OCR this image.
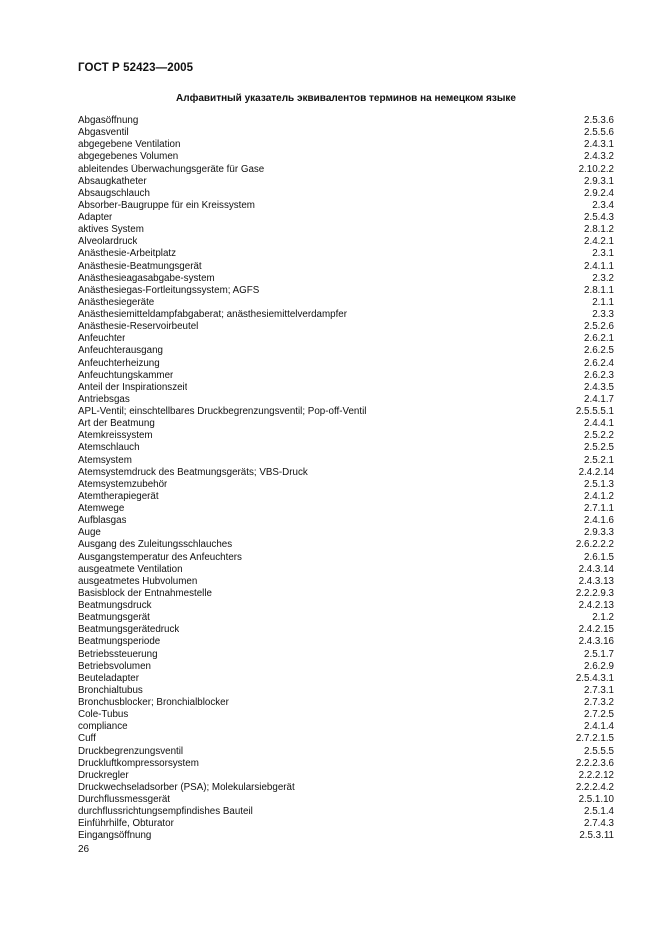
ГОСТ Р 52423—2005
Алфавитный указатель эквивалентов терминов на немецком языке
Abgasöffnung	2.5.3.6
Abgasventil	2.5.5.6
abgegebene Ventilation	2.4.3.1
abgegebenes Volumen	2.4.3.2
ableitendes Überwachungsgeräte für Gase	2.10.2.2
Absaugkatheter	2.9.3.1
Absaugschlauch	2.9.2.4
Absorber-Baugruppe für ein Kreissystem	2.3.4
Adapter	2.5.4.3
aktives System	2.8.1.2
Alveolardruck	2.4.2.1
Anästhesie-Arbeitplatz	2.3.1
Anästhesie-Beatmungsgerät	2.4.1.1
Anästhesieagasabgabe-system	2.3.2
Anästhesiegas-Fortleitungssystem; AGFS	2.8.1.1
Anästhesiegeräte	2.1.1
Anästhesiemitteldampfabgaberat; anästhesiemittelverdampfer	2.3.3
Anästhesie-Reservoirbeutel	2.5.2.6
Anfeuchter	2.6.2.1
Anfeuchterausgang	2.6.2.5
Anfeuchterheizung	2.6.2.4
Anfeuchtungskammer	2.6.2.3
Anteil der Inspirationszeit	2.4.3.5
Antriebsgas	2.4.1.7
APL-Ventil; einschtellbares Druckbegrenzungsventil; Pop-off-Ventil	2.5.5.5.1
Art der Beatmung	2.4.4.1
Atemkreissystem	2.5.2.2
Atemschlauch	2.5.2.5
Atemsystem	2.5.2.1
Atemsystemdruck des Beatmungsgeräts; VBS-Druck	2.4.2.14
Atemsystemzubehör	2.5.1.3
Atemtherapiegerät	2.4.1.2
Atemwege	2.7.1.1
Aufblasgas	2.4.1.6
Auge	2.9.3.3
Ausgang des Zuleitungsschlauches	2.6.2.2.2
Ausgangstemperatur des Anfeuchters	2.6.1.5
ausgeatmete Ventilation	2.4.3.14
ausgeatmetes Hubvolumen	2.4.3.13
Basisblock der Entnahmestelle	2.2.2.9.3
Beatmungsdruck	2.4.2.13
Beatmungsgerät	2.1.2
Beatmungsgerätedruck	2.4.2.15
Beatmungsperiode	2.4.3.16
Betriebssteuerung	2.5.1.7
Betriebsvolumen	2.6.2.9
Beuteladapter	2.5.4.3.1
Bronchialtubus	2.7.3.1
Bronchusblocker; Bronchialblocker	2.7.3.2
Cole-Tubus	2.7.2.5
compliance	2.4.1.4
Cuff	2.7.2.1.5
Druckbegrenzungsventil	2.5.5.5
Druckluftkompressorsystem	2.2.2.3.6
Druckregler	2.2.2.12
Druckwechseladsorber (PSA); Molekularsiebgerät	2.2.2.4.2
Durchflussmessgerät	2.5.1.10
durchflussrichtungsempfindishes Bauteil	2.5.1.4
Einführhilfe, Obturator	2.7.4.3
Eingangsöffnung	2.5.3.11
26
